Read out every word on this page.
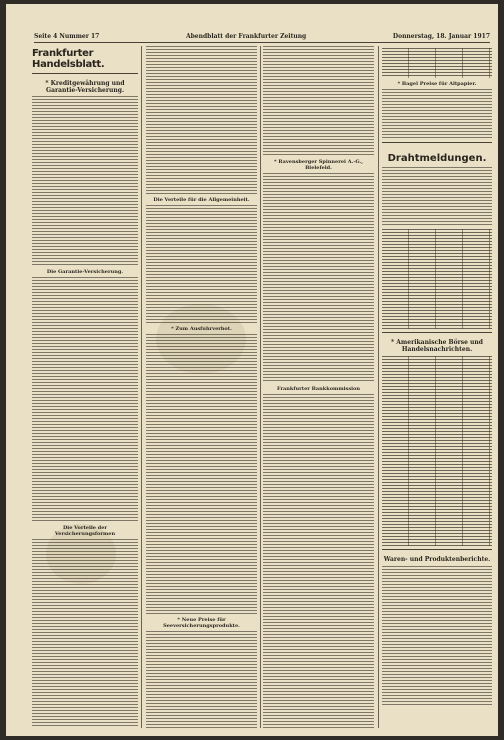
Seite 4 Nummer 17	Abendblatt der Frankfurter Zeitung	Donnerstag, 18. Januar 1917
Frankfurter Handelsblatt.
* Kreditgewährung und Garantie-Versicherung.
Die Garantie-Versicherung.
Die Vorteile der Versicherungsformen
Die Verteile für die Allgemeinheit.
* Zum Ausfuhrverbot.
* Neue Preise für Seeversicherungsprodukte.
* Ravensberger Spinnerei A.-G., Bielefeld.
Frankfurter Bankkommission
* Bagel Preise für Altpapier.
Drahtmeldungen.
* Amerikanische Börse und Handelsnachrichten.
Waren- und Produktenberichte.
